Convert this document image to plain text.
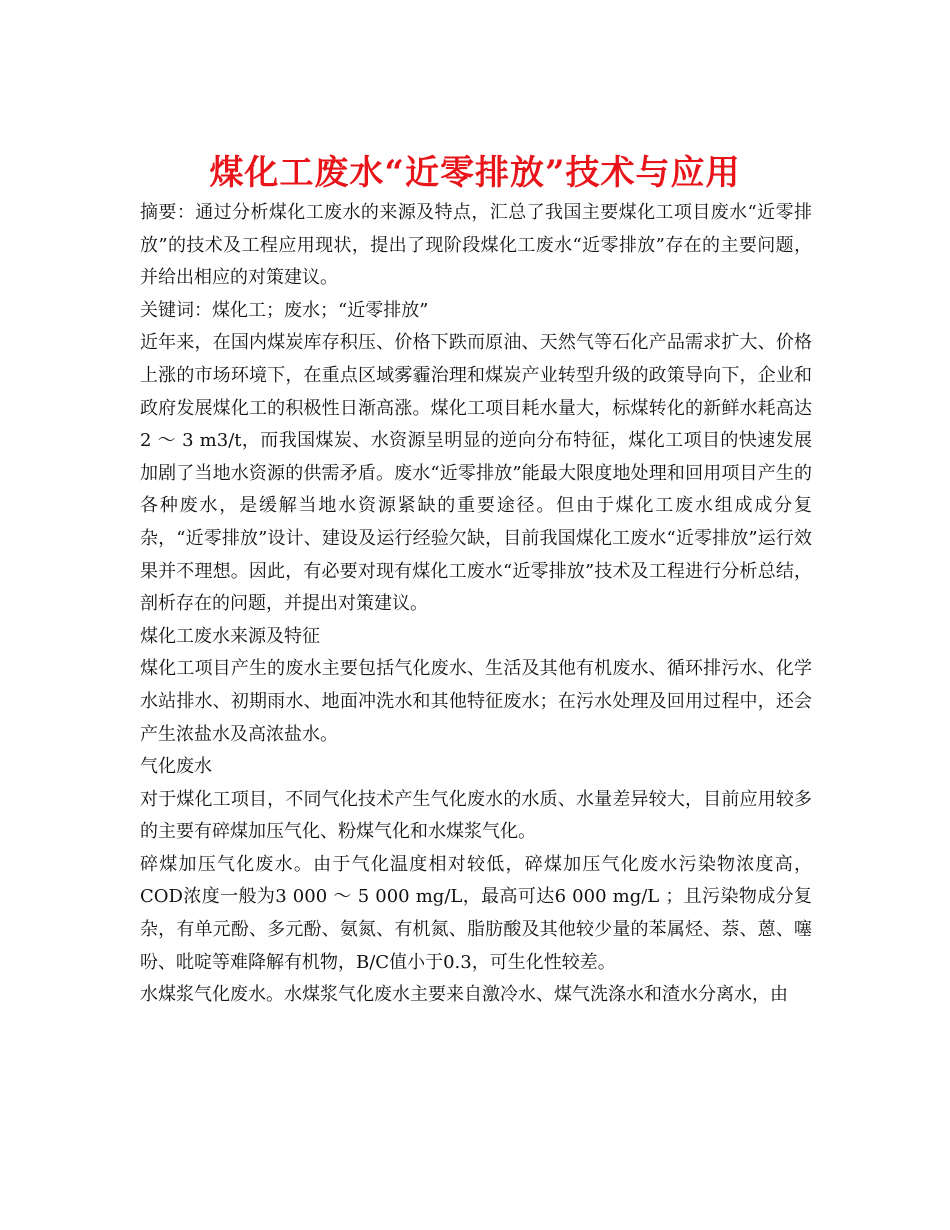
煤化工废水“近零排放”技术与应用

摘要：通过分析煤化工废水的来源及特点，汇总了我国主要煤化工项目废水“近零排放”的技术及工程应用现状，提出了现阶段煤化工废水“近零排放”存在的主要问题，并给出相应的对策建议。

关键词：煤化工；废水；“近零排放”

近年来，在国内煤炭库存积压、价格下跌而原油、天然气等石化产品需求扩大、价格上涨的市场环境下，在重点区域雾霾治理和煤炭产业转型升级的政策导向下，企业和政府发展煤化工的积极性日渐高涨。煤化工项目耗水量大，标煤转化的新鲜水耗高达2 ～ 3 m3/t，而我国煤炭、水资源呈明显的逆向分布特征，煤化工项目的快速发展加剧了当地水资源的供需矛盾。废水“近零排放”能最大限度地处理和回用项目产生的各种废水，是缓解当地水资源紧缺的重要途径。但由于煤化工废水组成成分复杂，“近零排放”设计、建设及运行经验欠缺，目前我国煤化工废水“近零排放”运行效果并不理想。因此，有必要对现有煤化工废水“近零排放”技术及工程进行分析总结，剖析存在的问题，并提出对策建议。

煤化工废水来源及特征

煤化工项目产生的废水主要包括气化废水、生活及其他有机废水、循环排污水、化学水站排水、初期雨水、地面冲洗水和其他特征废水；在污水处理及回用过程中，还会产生浓盐水及高浓盐水。

气化废水

对于煤化工项目，不同气化技术产生气化废水的水质、水量差异较大，目前应用较多的主要有碎煤加压气化、粉煤气化和水煤浆气化。

碎煤加压气化废水。由于气化温度相对较低，碎煤加压气化废水污染物浓度高，COD浓度一般为3 000 ～ 5 000 mg/L，最高可达6 000 mg/L ；且污染物成分复杂，有单元酚、多元酚、氨氮、有机氮、脂肪酸及其他较少量的苯属烃、萘、蒽、噻吩、吡啶等难降解有机物，B/C值小于0.3，可生化性较差。

水煤浆气化废水。水煤浆气化废水主要来自激冷水、煤气洗涤水和渣水分离水，由
